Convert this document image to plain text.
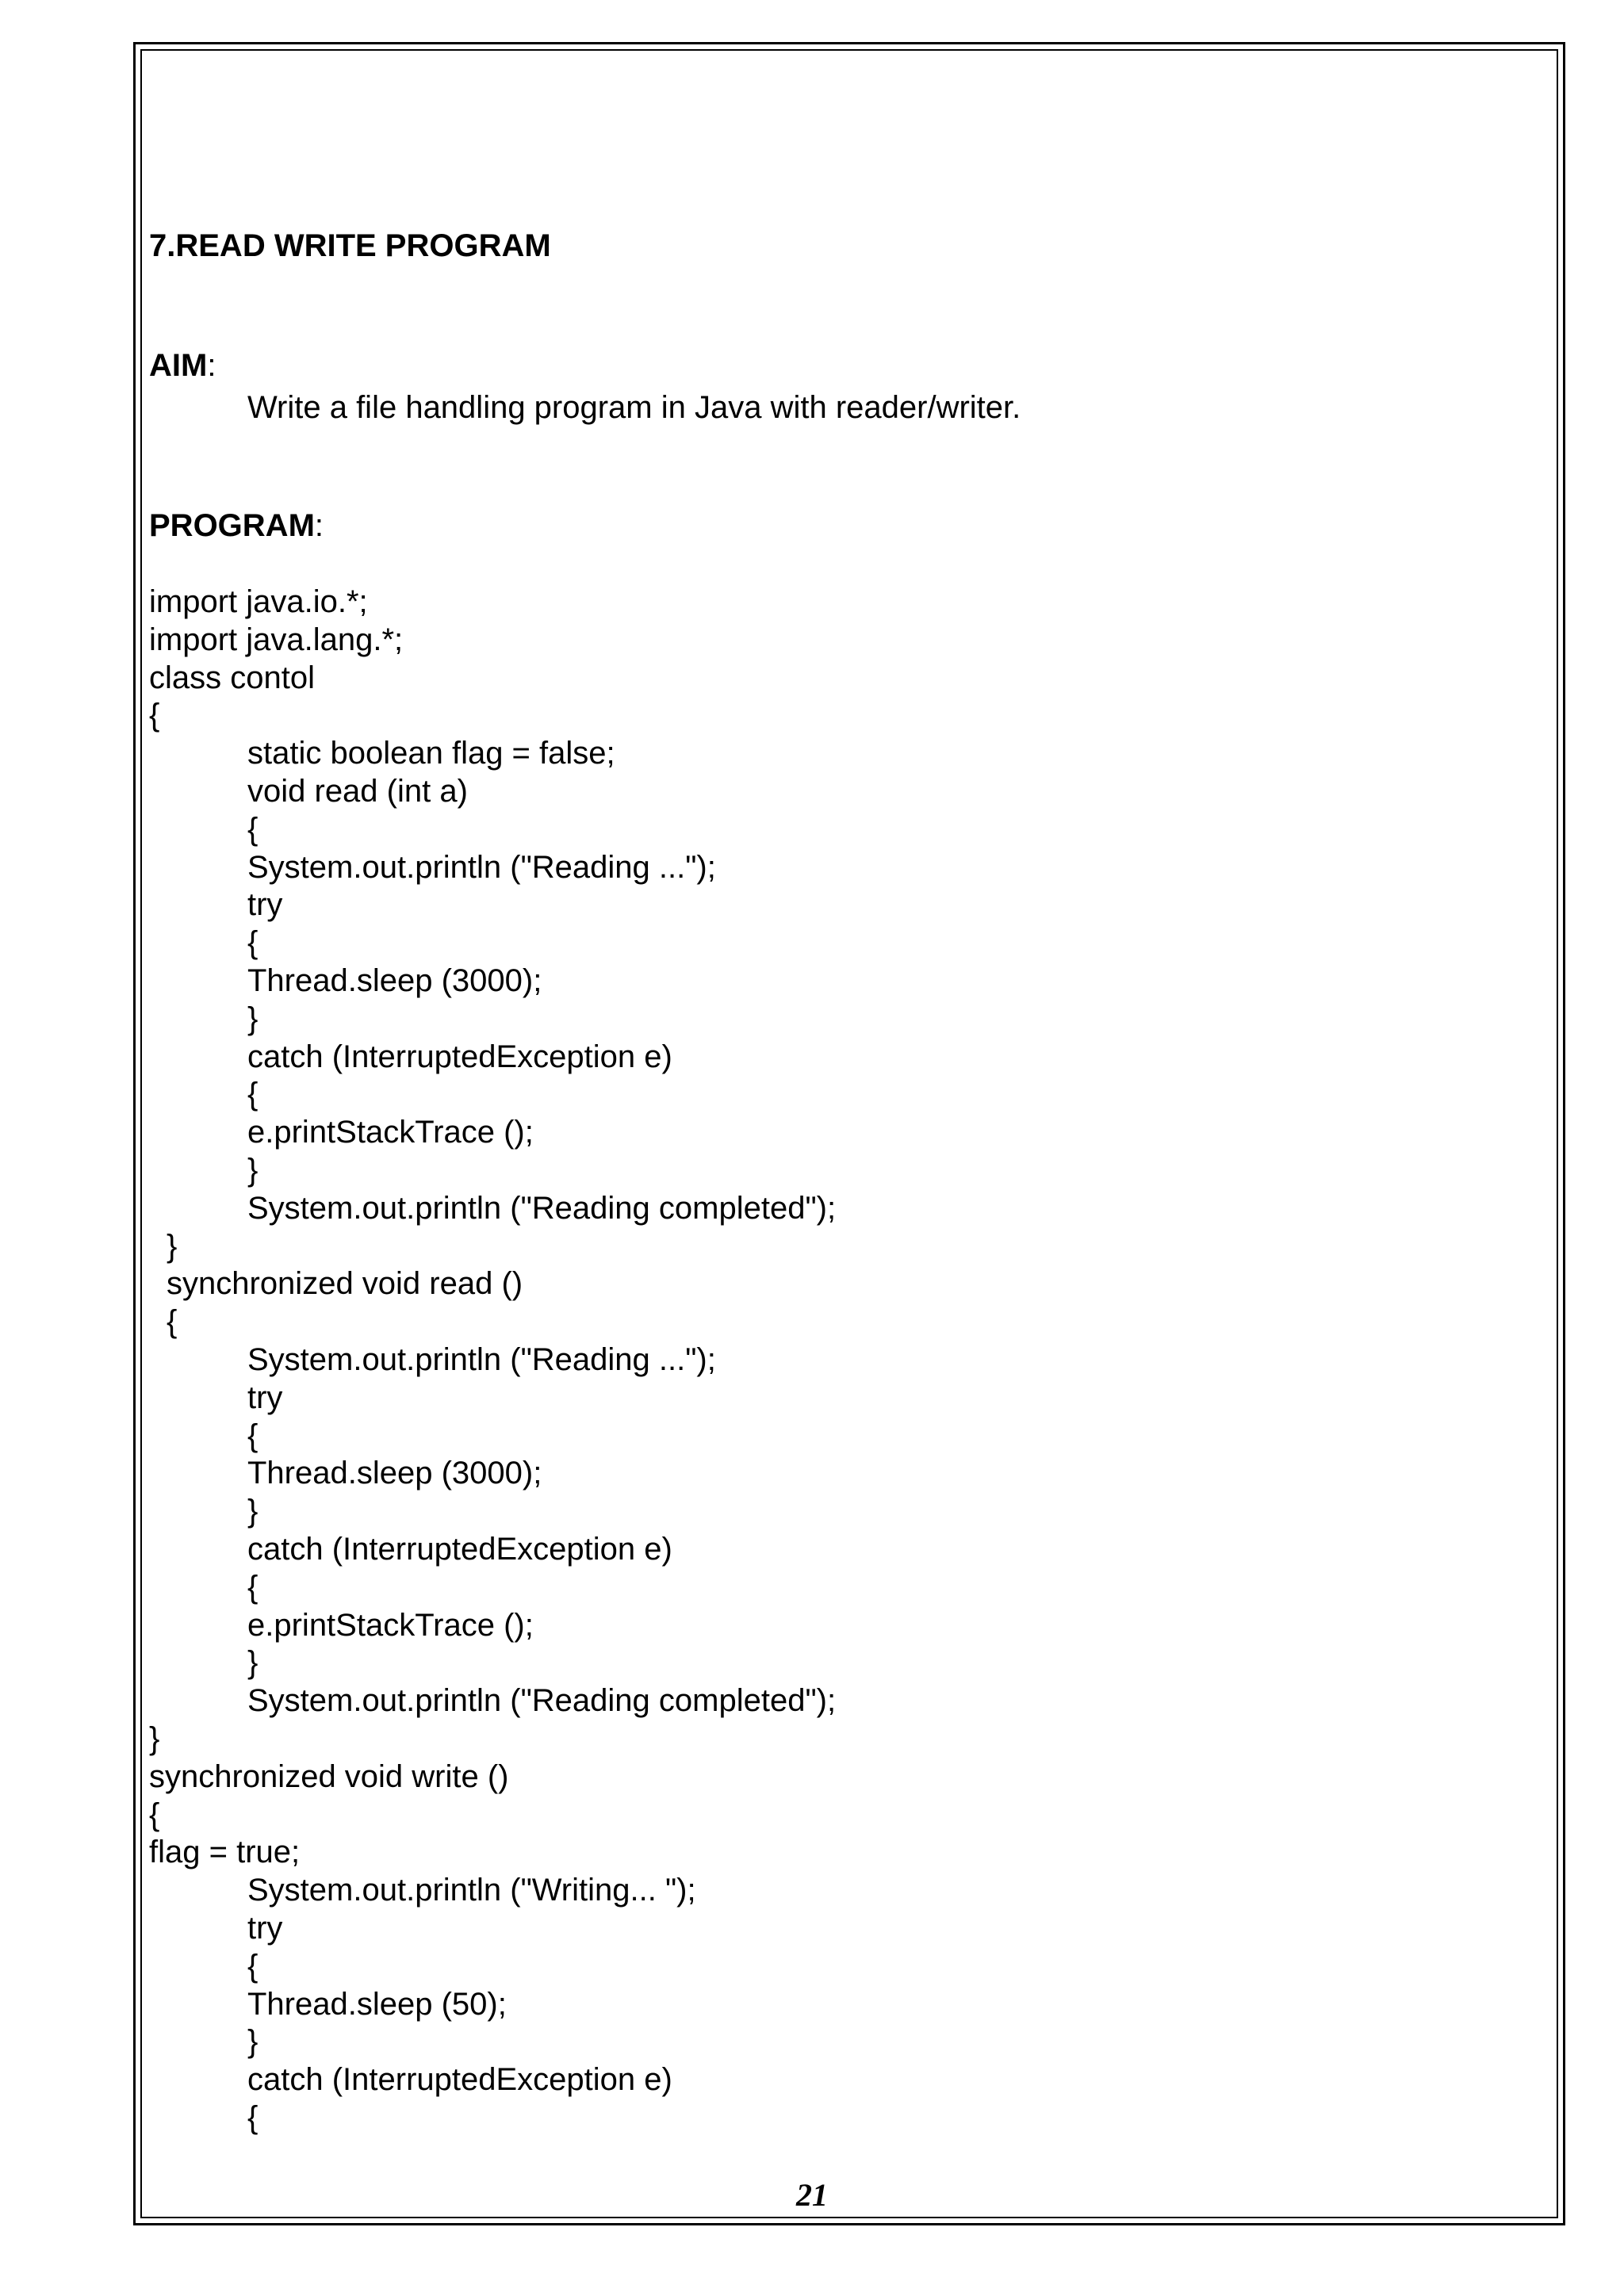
7.READ WRITE PROGRAM
AIM:
Write a file handling program in Java with reader/writer.
PROGRAM:
import java.io.*;
import java.lang.*;
class contol
{
static boolean flag = false;
void read (int a)
{
System.out.println ("Reading ...");
try
{
Thread.sleep (3000);
}
catch (InterruptedException e)
{
e.printStackTrace ();
}
System.out.println ("Reading completed");
}
synchronized void read ()
{
System.out.println ("Reading ...");
try
{
Thread.sleep (3000);
}
catch (InterruptedException e)
{
e.printStackTrace ();
}
System.out.println ("Reading completed");
}
synchronized void write ()
{
flag = true;
System.out.println ("Writing... ");
try
{
Thread.sleep (50);
}
catch (InterruptedException e)
{
21
